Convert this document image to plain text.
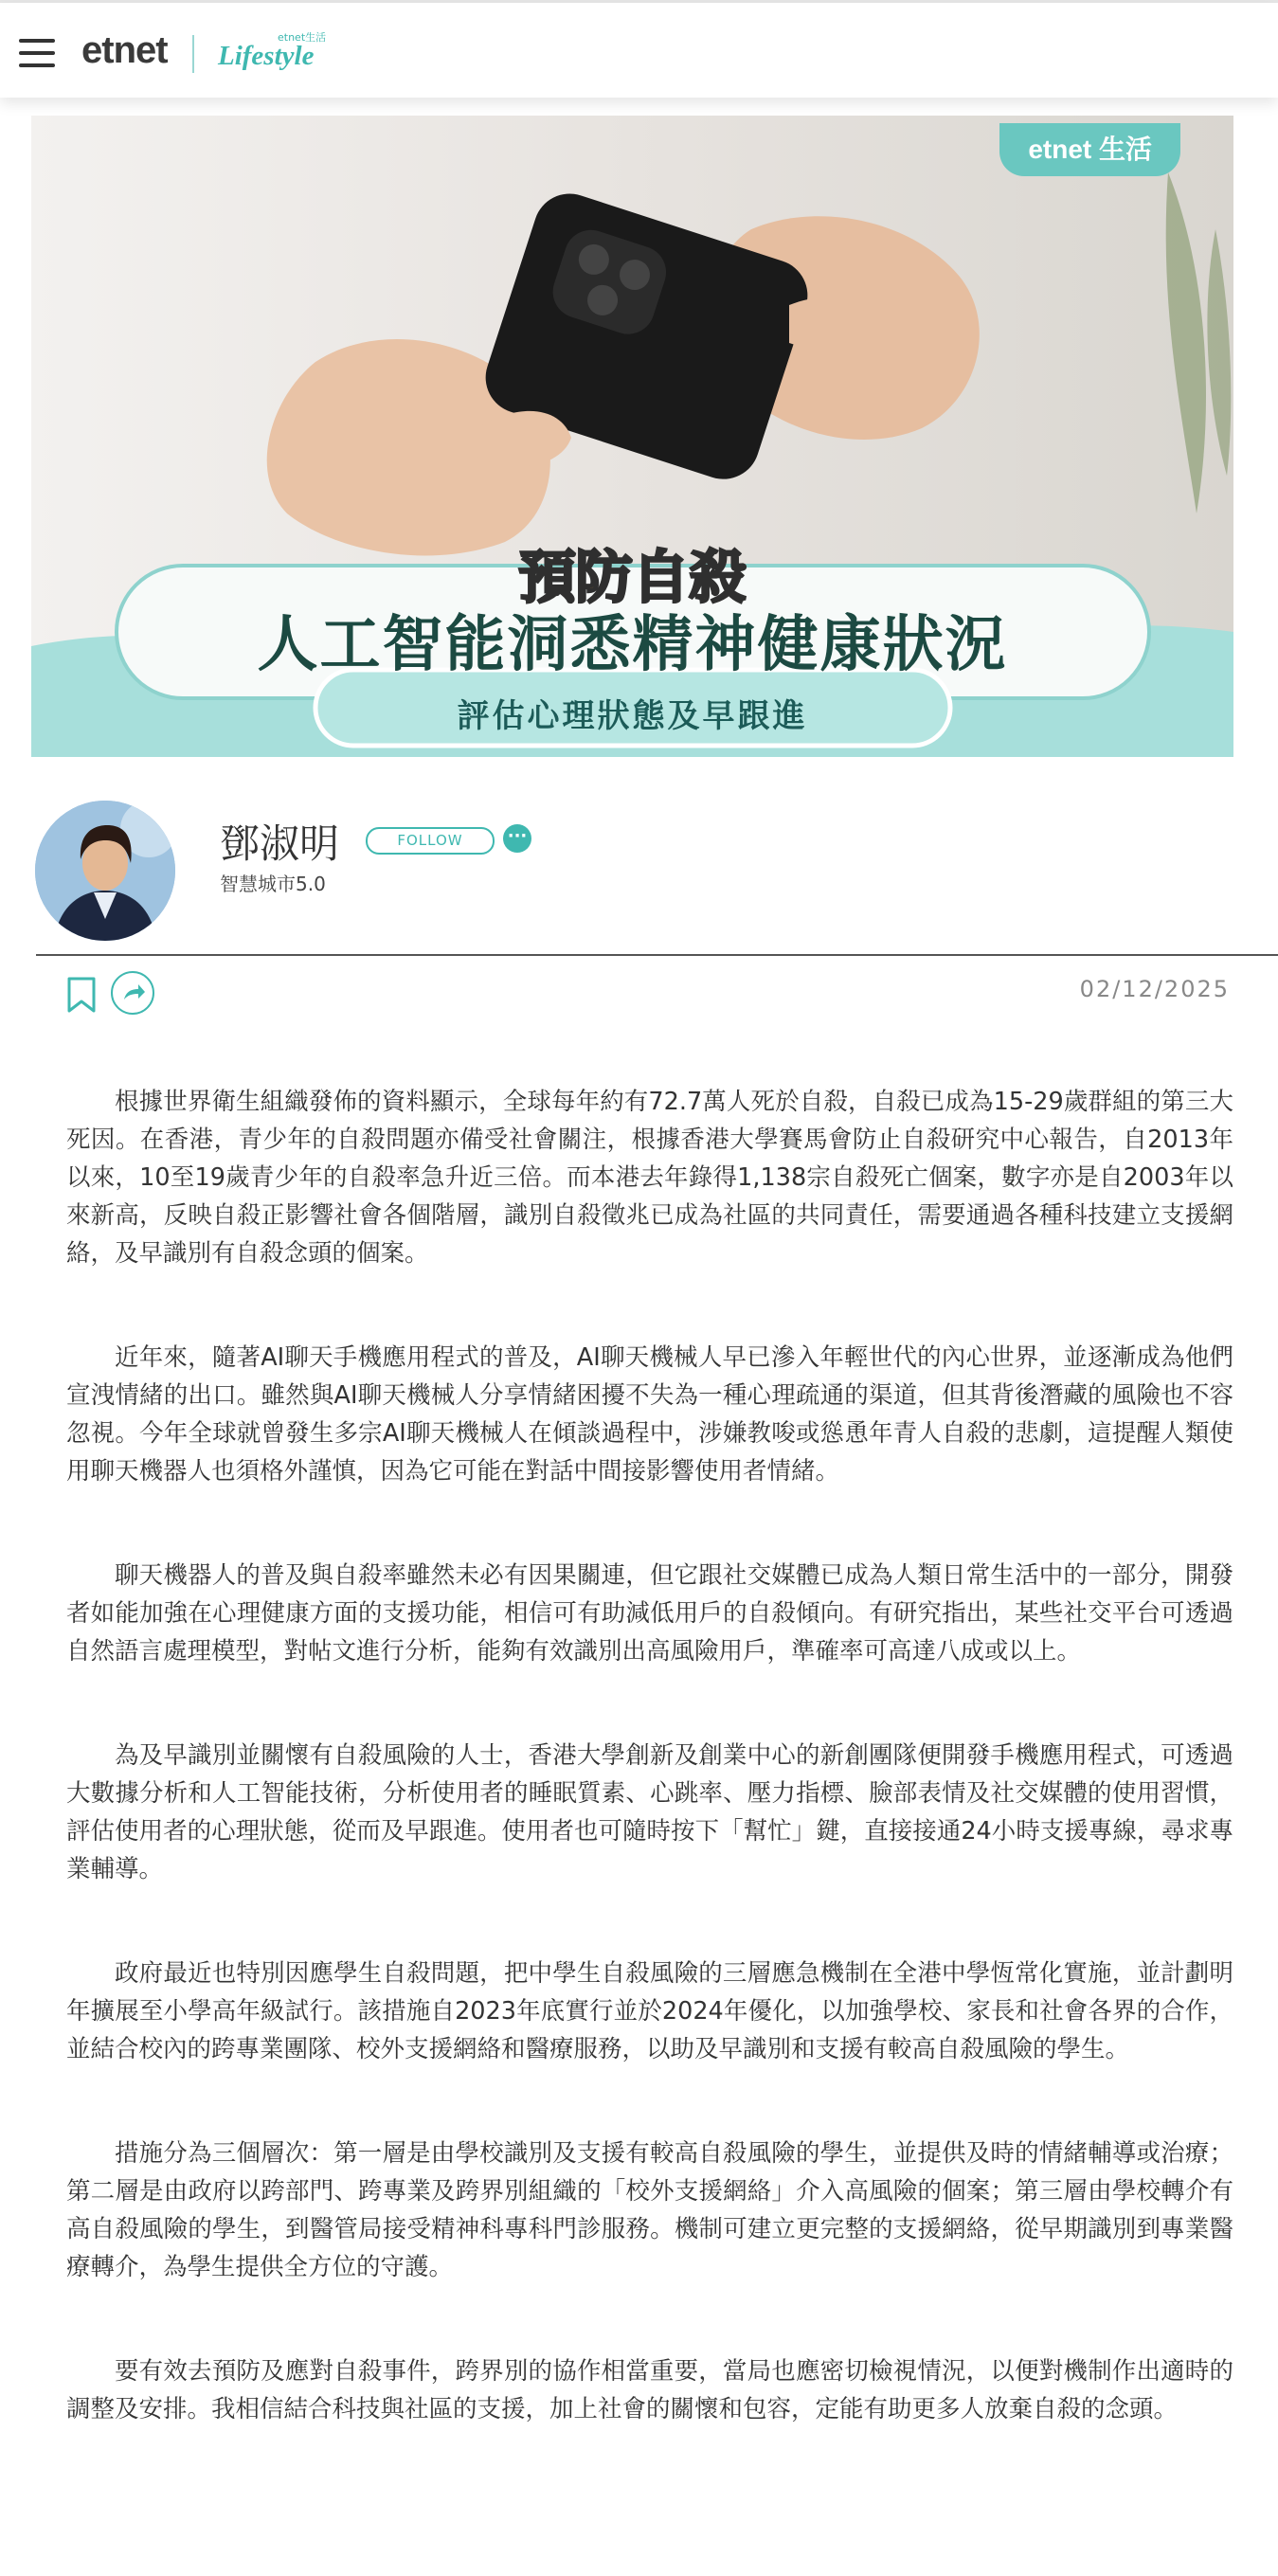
etnet	etnet生活
Lifestyle
etnet 生活
預防自殺
人工智能洞悉精神健康狀況
評估心理狀態及早跟進
鄧淑明	FOLLOW	···
智慧城市5.0
02/12/2025

根據世界衛生組織發佈的資料顯示，全球每年約有72.7萬人死於自殺，自殺已成為15-29歲群組的第三大死因。在香港，青少年的自殺問題亦備受社會關注，根據香港大學賽馬會防止自殺研究中心報告，自2013年以來，10至19歲青少年的自殺率急升近三倍。而本港去年錄得1,138宗自殺死亡個案，數字亦是自2003年以來新高，反映自殺正影響社會各個階層，識別自殺徵兆已成為社區的共同責任，需要通過各種科技建立支援網絡，及早識別有自殺念頭的個案。

近年來，隨著AI聊天手機應用程式的普及，AI聊天機械人早已滲入年輕世代的內心世界，並逐漸成為他們宣洩情緒的出口。雖然與AI聊天機械人分享情緒困擾不失為一種心理疏通的渠道，但其背後潛藏的風險也不容忽視。今年全球就曾發生多宗AI聊天機械人在傾談過程中，涉嫌教唆或慫恿年青人自殺的悲劇，這提醒人類使用聊天機器人也須格外謹慎，因為它可能在對話中間接影響使用者情緒。

聊天機器人的普及與自殺率雖然未必有因果關連，但它跟社交媒體已成為人類日常生活中的一部分，開發者如能加強在心理健康方面的支援功能，相信可有助減低用戶的自殺傾向。有研究指出，某些社交平台可透過自然語言處理模型，對帖文進行分析，能夠有效識別出高風險用戶，準確率可高達八成或以上。

為及早識別並關懷有自殺風險的人士，香港大學創新及創業中心的新創團隊便開發手機應用程式，可透過大數據分析和人工智能技術，分析使用者的睡眠質素、心跳率、壓力指標、臉部表情及社交媒體的使用習慣，評估使用者的心理狀態，從而及早跟進。使用者也可隨時按下「幫忙」鍵，直接接通24小時支援專線，尋求專業輔導。

政府最近也特別因應學生自殺問題，把中學生自殺風險的三層應急機制在全港中學恆常化實施，並計劃明年擴展至小學高年級試行。該措施自2023年底實行並於2024年優化，以加強學校、家長和社會各界的合作，並結合校內的跨專業團隊、校外支援網絡和醫療服務，以助及早識別和支援有較高自殺風險的學生。

措施分為三個層次：第一層是由學校識別及支援有較高自殺風險的學生，並提供及時的情緒輔導或治療；第二層是由政府以跨部門、跨專業及跨界別組織的「校外支援網絡」介入高風險的個案；第三層由學校轉介有高自殺風險的學生，到醫管局接受精神科專科門診服務。機制可建立更完整的支援網絡，從早期識別到專業醫療轉介，為學生提供全方位的守護。

要有效去預防及應對自殺事件，跨界別的協作相當重要，當局也應密切檢視情況，以便對機制作出適時的調整及安排。我相信結合科技與社區的支援，加上社會的關懷和包容，定能有助更多人放棄自殺的念頭。
